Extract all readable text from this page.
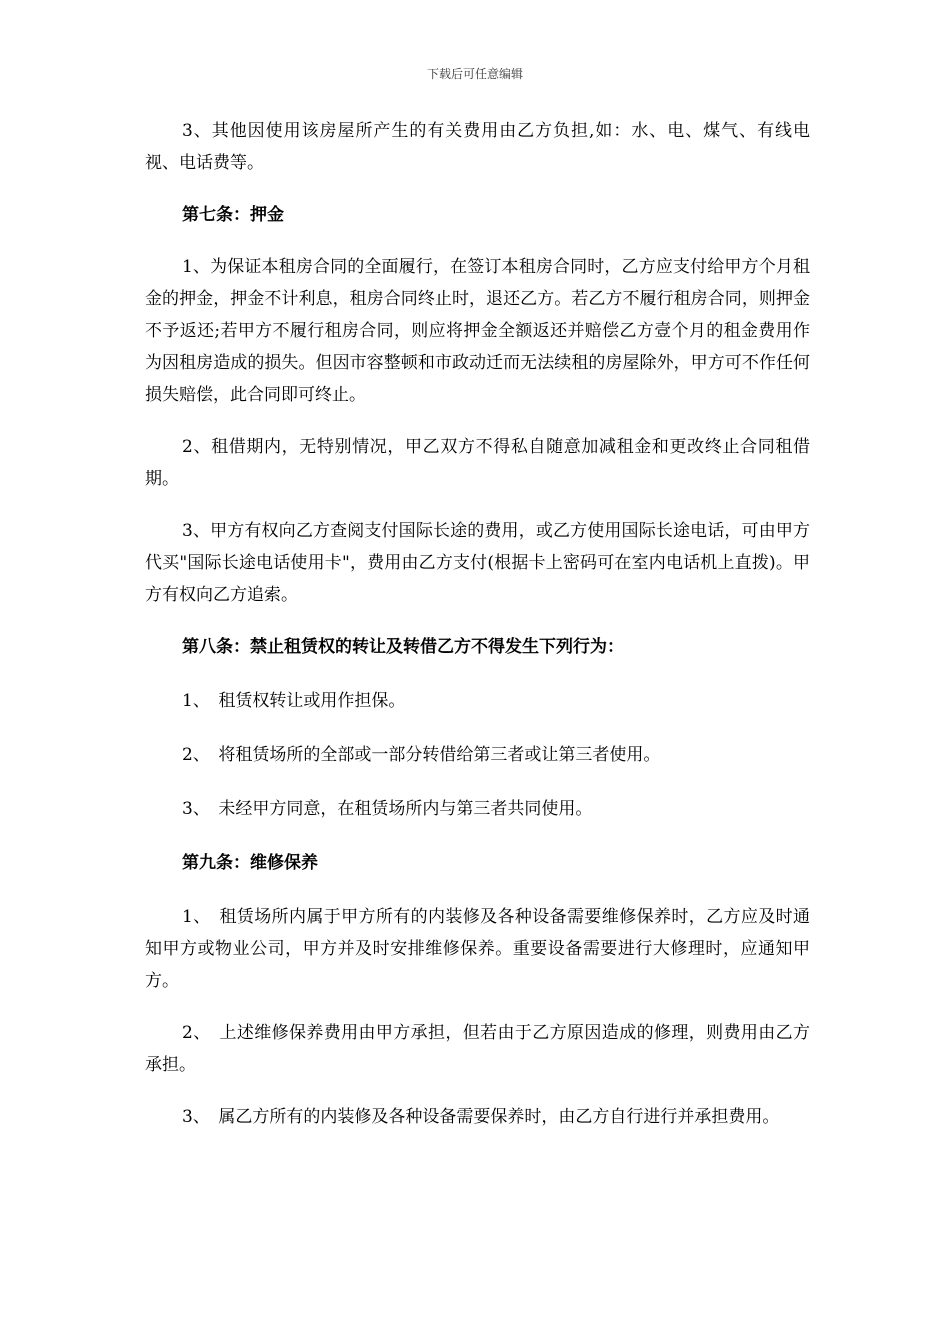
下载后可任意编辑

3、其他因使用该房屋所产生的有关费用由乙方负担,如：水、电、煤气、有线电视、电话费等。

第七条：押金

1、为保证本租房合同的全面履行，在签订本租房合同时，乙方应支付给甲方个月租金的押金，押金不计利息，租房合同终止时，退还乙方。若乙方不履行租房合同，则押金不予返还;若甲方不履行租房合同，则应将押金全额返还并赔偿乙方壹个月的租金费用作为因租房造成的损失。但因市容整顿和市政动迁而无法续租的房屋除外，甲方可不作任何损失赔偿，此合同即可终止。

2、租借期内，无特别情况，甲乙双方不得私自随意加减租金和更改终止合同租借期。

3、甲方有权向乙方查阅支付国际长途的费用，或乙方使用国际长途电话，可由甲方代买"国际长途电话使用卡"，费用由乙方支付(根据卡上密码可在室内电话机上直拨)。甲方有权向乙方追索。

第八条：禁止租赁权的转让及转借乙方不得发生下列行为：

1、　租赁权转让或用作担保。

2、　将租赁场所的全部或一部分转借给第三者或让第三者使用。

3、　未经甲方同意，在租赁场所内与第三者共同使用。

第九条：维修保养

1、　租赁场所内属于甲方所有的内装修及各种设备需要维修保养时，乙方应及时通知甲方或物业公司，甲方并及时安排维修保养。重要设备需要进行大修理时，应通知甲方。

2、　上述维修保养费用由甲方承担，但若由于乙方原因造成的修理，则费用由乙方承担。

3、　属乙方所有的内装修及各种设备需要保养时，由乙方自行进行并承担费用。
